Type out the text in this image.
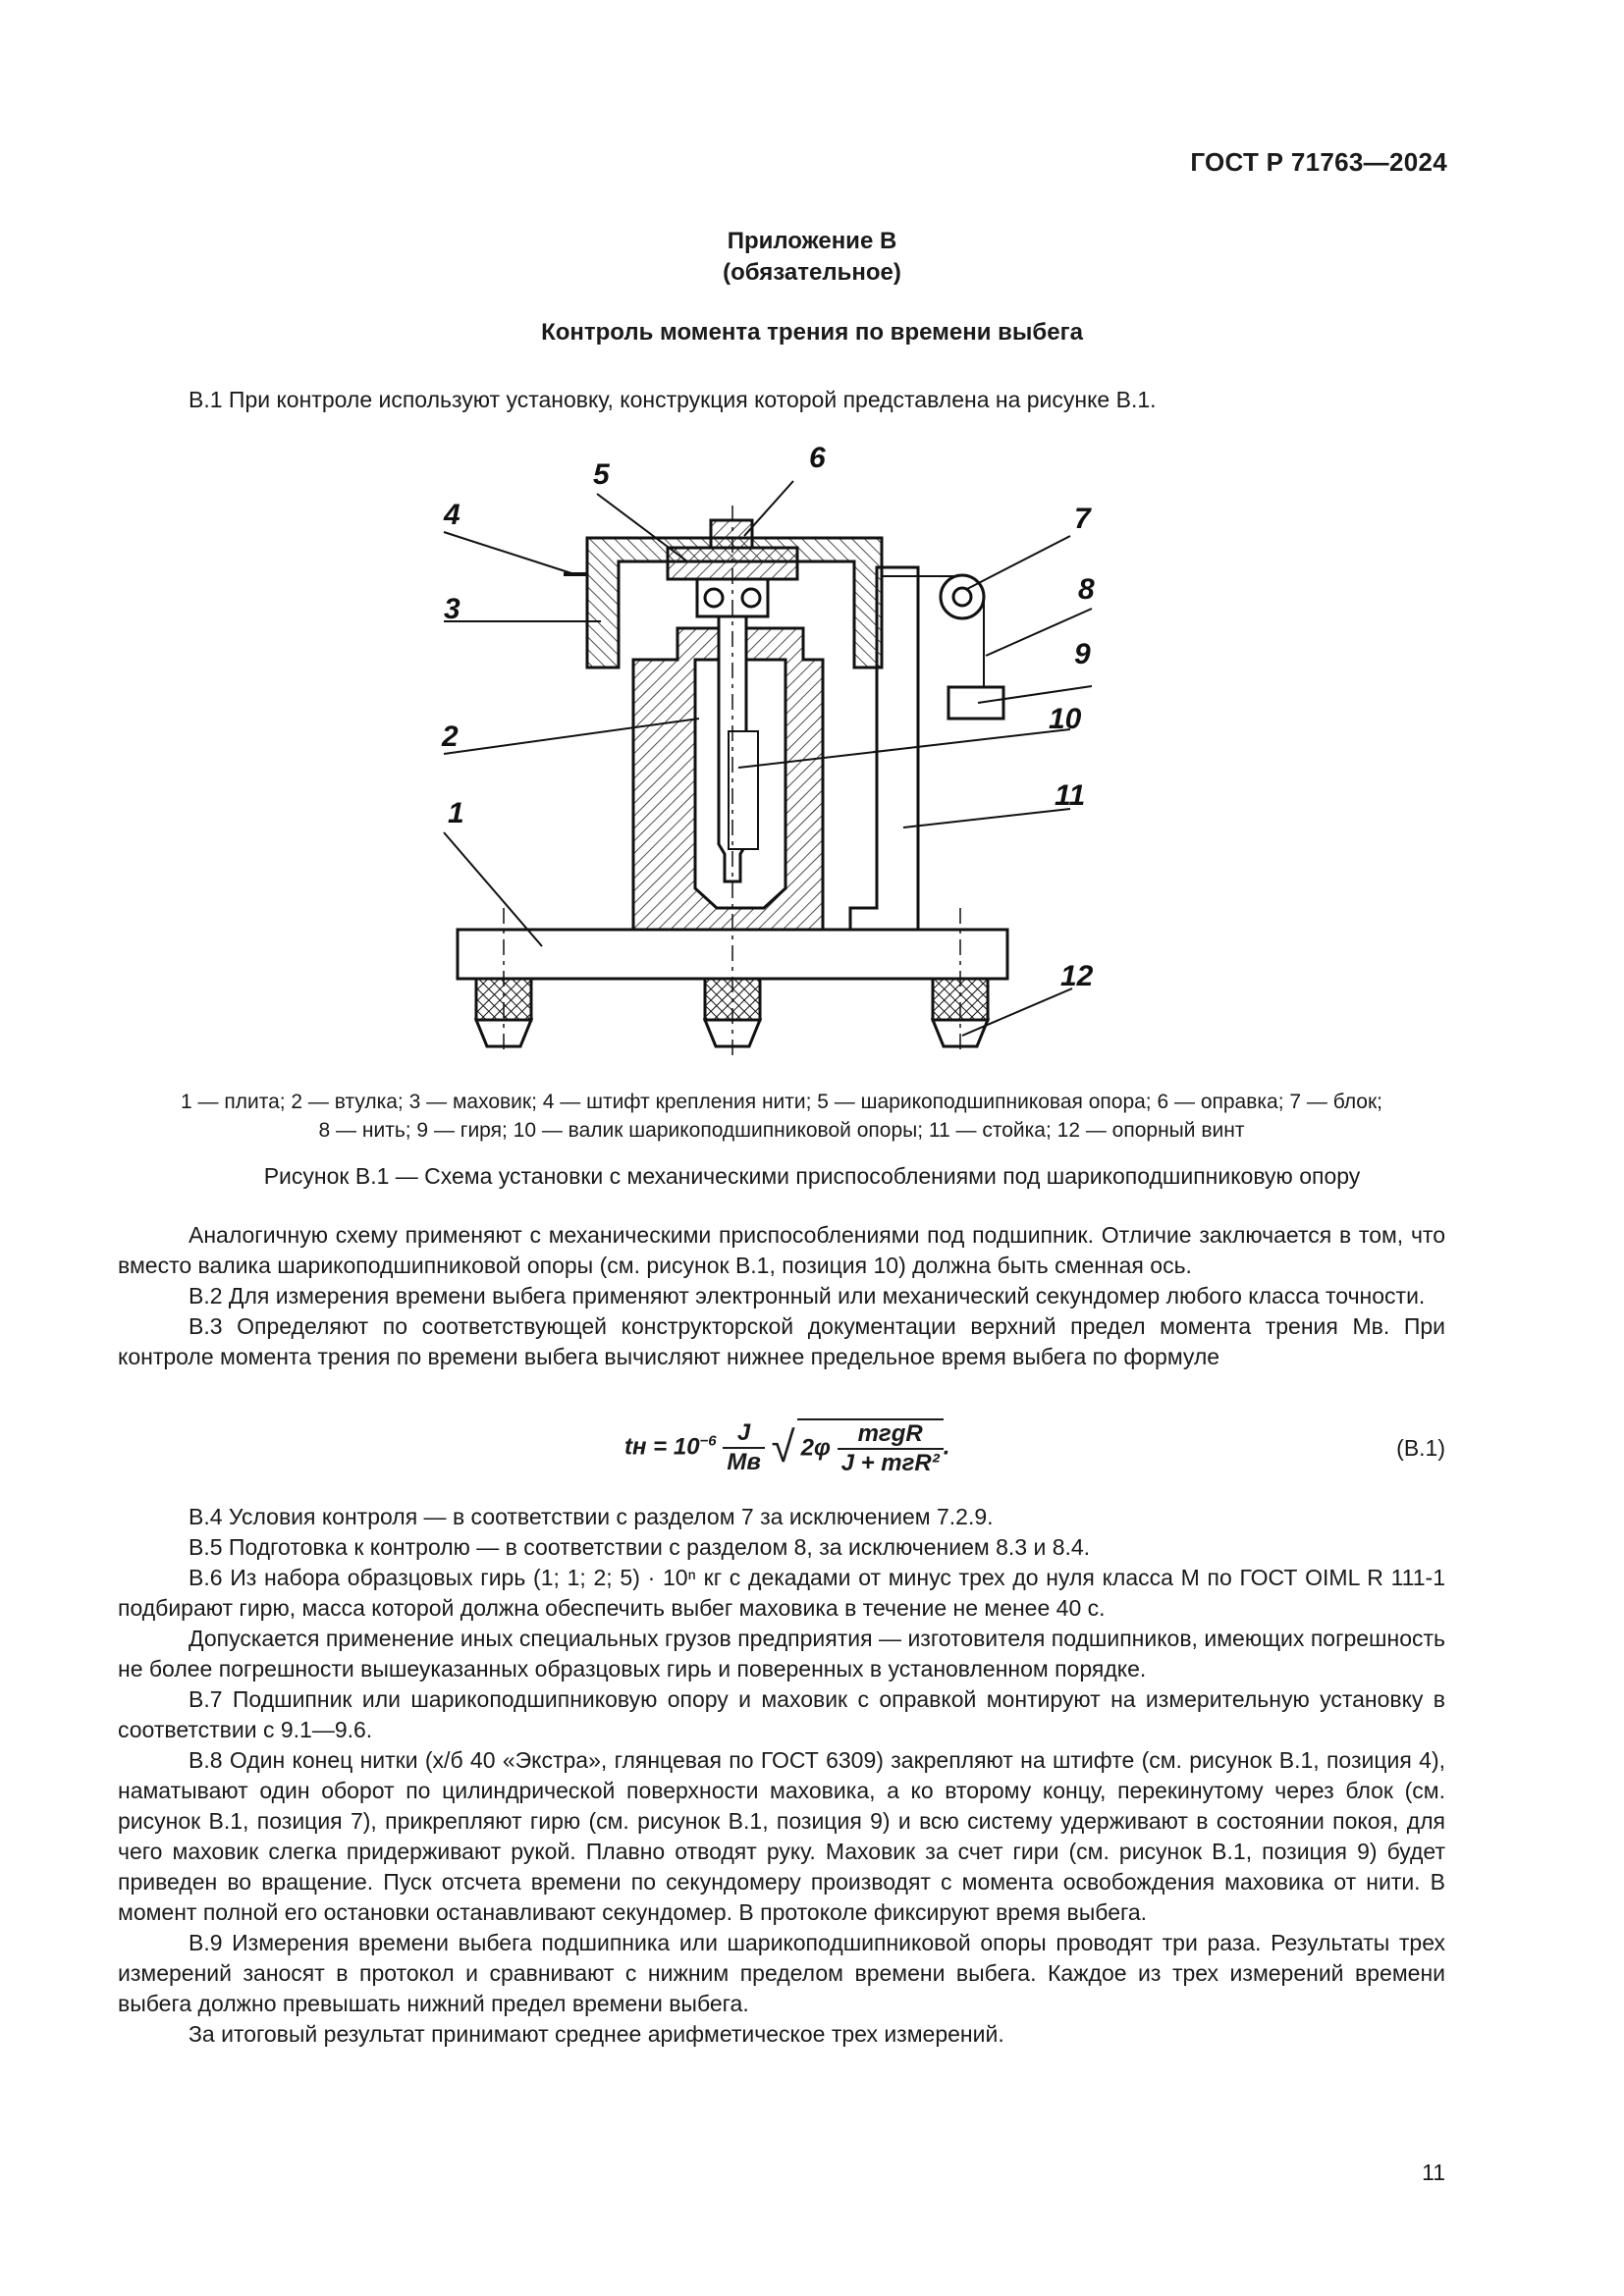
ГОСТ Р 71763—2024
Приложение В
(обязательное)
Контроль момента трения по времени выбега
В.1 При контроле используют установку, конструкция которой представлена на рисунке В.1.
1
2
3
4
5
6
7
8
9
10
11
12
1 — плита; 2 — втулка; 3 — маховик; 4 — штифт крепления нити; 5 — шарикоподшипниковая опора; 6 — оправка; 7 — блок;
8 — нить; 9 — гиря; 10 — валик шарикоподшипниковой опоры; 11 — стойка; 12 — опорный винт
Рисунок В.1 — Схема установки с механическими приспособлениями под шарикоподшипниковую опору

Аналогичную схему применяют с механическими приспособлениями под подшипник. Отличие заключается в том, что вместо валика шарикоподшипниковой опоры (см. рисунок В.1, позиция 10) должна быть сменная ось.

В.2 Для измерения времени выбега применяют электронный или механический секундомер любого класса точности.

В.3 Определяют по соответствующей конструкторской документации верхний предел момента трения Mв. При контроле момента трения по времени выбега вычисляют нижнее предельное время выбега по формуле

tн = $10^{-6} \frac{J}{Mв}$ √ $2\varphi \frac{\text{mгgR}}{\text{J + mгR²}}$ .	(В.1)

В.4 Условия контроля — в соответствии с разделом 7 за исключением 7.2.9.

В.5 Подготовка к контролю — в соответствии с разделом 8, за исключением 8.3 и 8.4.

В.6 Из набора образцовых гирь (1; 1; 2; 5) · 10ⁿ кг с декадами от минус трех до нуля класса М по ГОСТ OIML R 111-1 подбирают гирю, масса которой должна обеспечить выбег маховика в течение не менее 40 с.

Допускается применение иных специальных грузов предприятия — изготовителя подшипников, имеющих погрешность не более погрешности вышеуказанных образцовых гирь и поверенных в установленном порядке.

В.7 Подшипник или шарикоподшипниковую опору и маховик с оправкой монтируют на измерительную установку в соответствии с 9.1—9.6.

В.8 Один конец нитки (х/б 40 «Экстра», глянцевая по ГОСТ 6309) закрепляют на штифте (см. рисунок В.1, позиция 4), наматывают один оборот по цилиндрической поверхности маховика, а ко второму концу, перекинутому через блок (см. рисунок В.1, позиция 7), прикрепляют гирю (см. рисунок В.1, позиция 9) и всю систему удерживают в состоянии покоя, для чего маховик слегка придерживают рукой. Плавно отводят руку. Маховик за счет гири (см. рисунок В.1, позиция 9) будет приведен во вращение. Пуск отсчета времени по секундомеру производят с момента освобождения маховика от нити. В момент полной его остановки останавливают секундомер. В протоколе фиксируют время выбега.

В.9 Измерения времени выбега подшипника или шарикоподшипниковой опоры проводят три раза. Результаты трех измерений заносят в протокол и сравнивают с нижним пределом времени выбега. Каждое из трех измерений времени выбега должно превышать нижний предел времени выбега.

За итоговый результат принимают среднее арифметическое трех измерений.

11
